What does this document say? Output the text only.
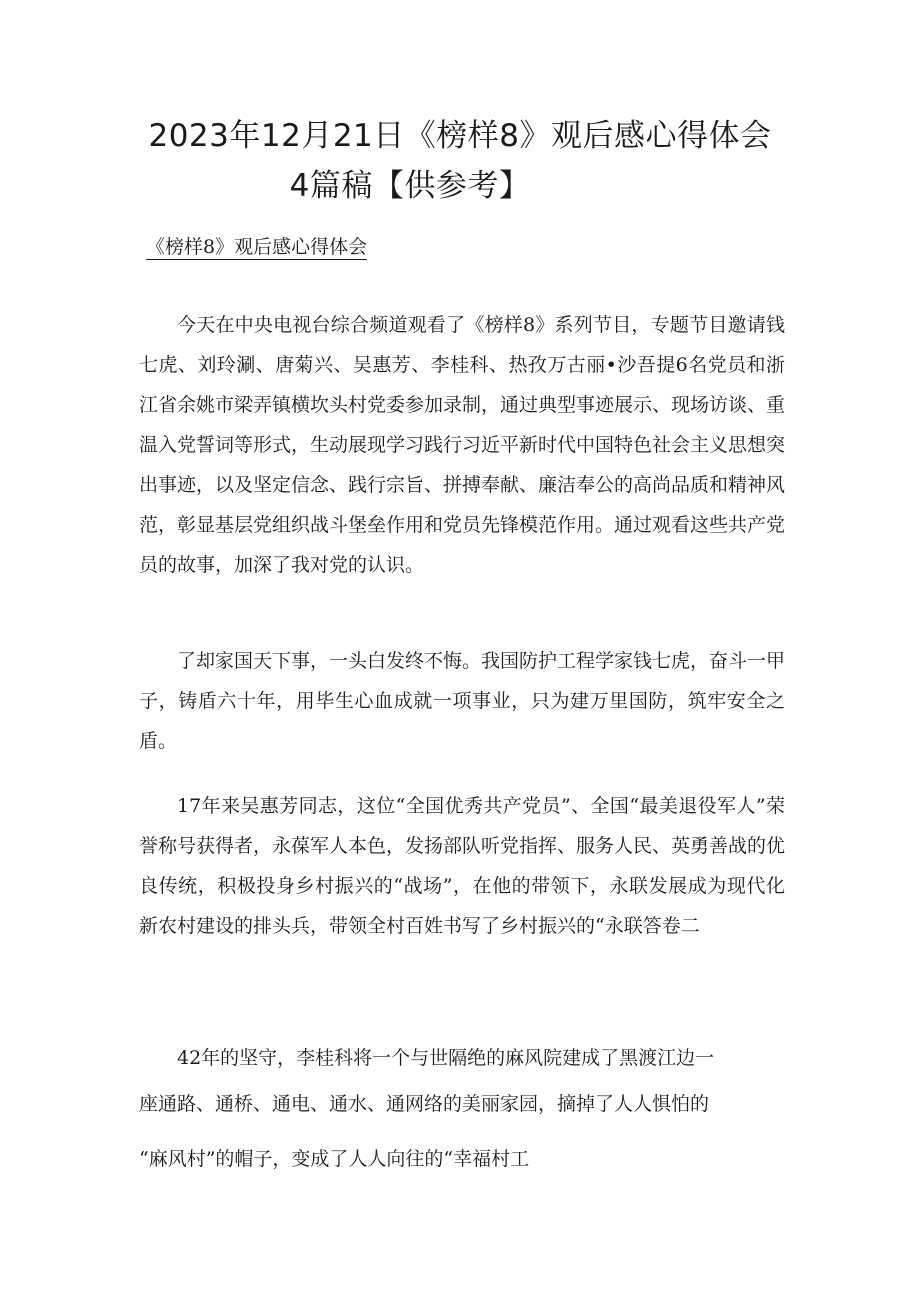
2023年12月21日《榜样8》观后感心得体会
4篇稿【供参考】

《榜样8》观后感心得体会

今天在中央电视台综合频道观看了《榜样8》系列节目，专题节目邀请钱七虎、刘玲涮、唐菊兴、吴惠芳、李桂科、热孜万古丽•沙吾提6名党员和浙江省余姚市梁弄镇横坎头村党委参加录制，通过典型事迹展示、现场访谈、重温入党誓词等形式，生动展现学习践行习近平新时代中国特色社会主义思想突出事迹，以及坚定信念、践行宗旨、拼搏奉献、廉洁奉公的高尚品质和精神风范，彰显基层党组织战斗堡垒作用和党员先锋模范作用。通过观看这些共产党员的故事，加深了我对党的认识。

了却家国天下事，一头白发终不悔。我国防护工程学家钱七虎，奋斗一甲子，铸盾六十年，用毕生心血成就一项事业，只为建万里国防，筑牢安全之盾。

17年来吴惠芳同志，这位“全国优秀共产党员”、全国“最美退役军人”荣誉称号获得者，永葆军人本色，发扬部队听党指挥、服务人民、英勇善战的优良传统，积极投身乡村振兴的“战场”，在他的带领下，永联发展成为现代化新农村建设的排头兵，带领全村百姓书写了乡村振兴的“永联答卷二

42年的坚守，李桂科将一个与世隔绝的麻风院建成了黑渡江边一

座通路、通桥、通电、通水、通网络的美丽家园，摘掉了人人惧怕的

“麻风村”的帽子，变成了人人向往的“幸福村工
